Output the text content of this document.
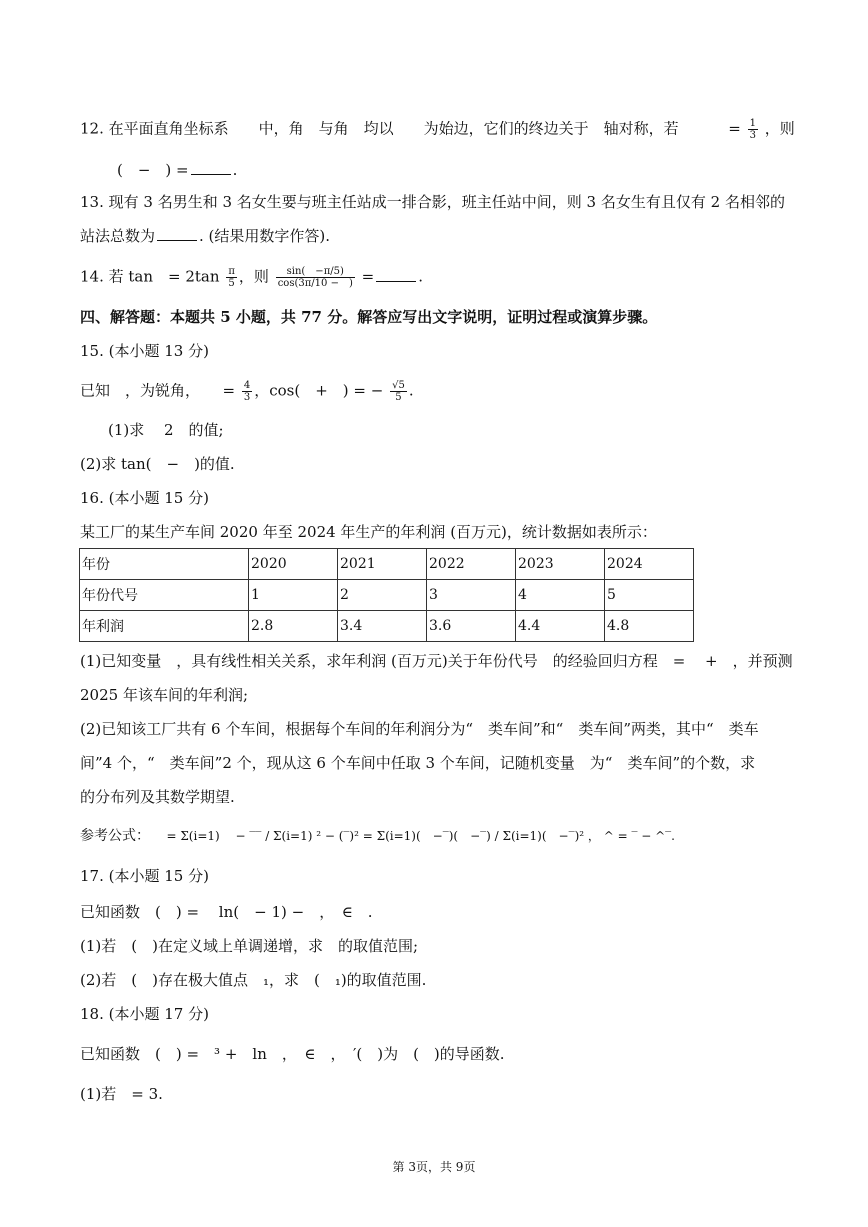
12. 在平面直角坐标系　　中，角　与角　均以　　为始边，它们的终边关于　轴对称，若	= $\frac{1}{3}$ ，则
(　−　) =	.
13. 现有 3 名男生和 3 名女生要与班主任站成一排合影，班主任站中间，则 3 名女生有且仅有 2 名相邻的
站法总数为	. (结果用数字作答).
14. 若 tan　= $2\tan \frac{\pi}{5}$ ，则 $\frac{\sin( -\pi/5)}{\cos(3\pi/10 - )}$ =	.
四、解答题：本题共 5 小题，共 77 分。解答应写出文字说明，证明过程或演算步骤。
15. (本小题 13 分)
已知　，为锐角，　　= $\frac{4}{3}$ ，cos(　+　) = − $\frac{√5}{5}$ .
(1)求　 2　的值;
(2)求 tan(　−　)的值.
16. (本小题 15 分)
某工厂的某生产车间 2020 年至 2024 年生产的年利润 (百万元)，统计数据如表所示：
年份	2020	2021	2022	2023	2024
年份代号	1	2	3	4	5
年利润	2.8	3.4	3.6	4.4	4.8
(1)已知变量　，具有线性相关关系，求年利润 (百万元)关于年份代号　的经验回归方程　=　 +　，并预测
2025 年该车间的年利润;
(2)已知该工厂共有 6 个车间，根据每个车间的年利润分为“　类车间”和“　类车间”两类，其中“　类车
间”4 个，“　类车间”2 个，现从这 6 个车间中任取 3 个车间，记随机变量　为“　类车间”的个数，求
的分布列及其数学期望.
参考公式： 　= Σ(i=1)　 − ‾‾ / Σ(i=1) ² − (‾)² = Σ(i=1)(　−‾)(　−‾) / Σ(i=1)(　−‾)² ， ^ = ‾ − ^‾.
17. (本小题 15 分)
已知函数　(　) =　 ln(　− 1) −　，　∈　.
(1)若　(　)在定义域上单调递增，求　的取值范围;
(2)若　(　)存在极大值点　₁，求　(　₁)的取值范围.
18. (本小题 17 分)
已知函数　(　) =　³ +　ln　，　∈　，　′(　)为　(　)的导函数.
(1)若　= 3.
第 3页，共 9页
